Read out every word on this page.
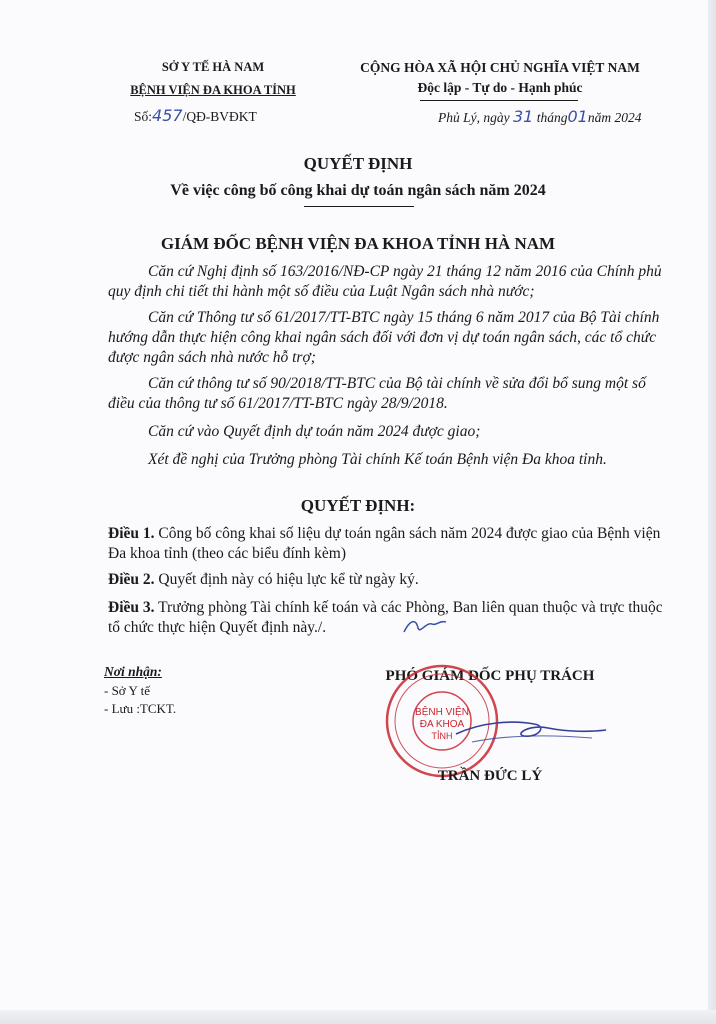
SỞ Y TẾ HÀ NAM
BỆNH VIỆN ĐA KHOA TỈNH
Số:457/QĐ-BVĐKT
CỘNG HÒA XÃ HỘI CHỦ NGHĨA VIỆT NAM
Độc lập - Tự do - Hạnh phúc
Phủ Lý, ngày 31 tháng01năm 2024
QUYẾT ĐỊNH
Về việc công bố công khai dự toán ngân sách năm 2024
GIÁM ĐỐC BỆNH VIỆN ĐA KHOA TỈNH HÀ NAM
Căn cứ Nghị định số 163/2016/NĐ-CP ngày 21 tháng 12 năm 2016 của Chính phủ quy định chi tiết thi hành một số điều của Luật Ngân sách nhà nước;
Căn cứ Thông tư số 61/2017/TT-BTC ngày 15 tháng 6 năm 2017 của Bộ Tài chính hướng dẫn thực hiện công khai ngân sách đối với đơn vị dự toán ngân sách, các tổ chức được ngân sách nhà nước hỗ trợ;
Căn cứ thông tư số 90/2018/TT-BTC của Bộ tài chính về sửa đổi bổ sung một số điều của thông tư số 61/2017/TT-BTC ngày 28/9/2018.
Căn cứ vào Quyết định dự toán năm 2024 được giao;
Xét đề nghị của Trưởng phòng Tài chính Kế toán Bệnh viện Đa khoa tỉnh.
QUYẾT ĐỊNH:
Điều 1. Công bố công khai số liệu dự toán ngân sách năm 2024 được giao của Bệnh viện Đa khoa tỉnh (theo các biểu đính kèm)
Điều 2. Quyết định này có hiệu lực kể từ ngày ký.
Điều 3. Trưởng phòng Tài chính kế toán và các Phòng, Ban liên quan thuộc và trực thuộc tổ chức thực hiện Quyết định này./.
Nơi nhận:
- Sở Y tế
- Lưu :TCKT.
PHÓ GIÁM ĐỐC PHỤ TRÁCH
BỆNH VIỆN
ĐA KHOA
TỈNH
TRẦN ĐỨC LÝ
